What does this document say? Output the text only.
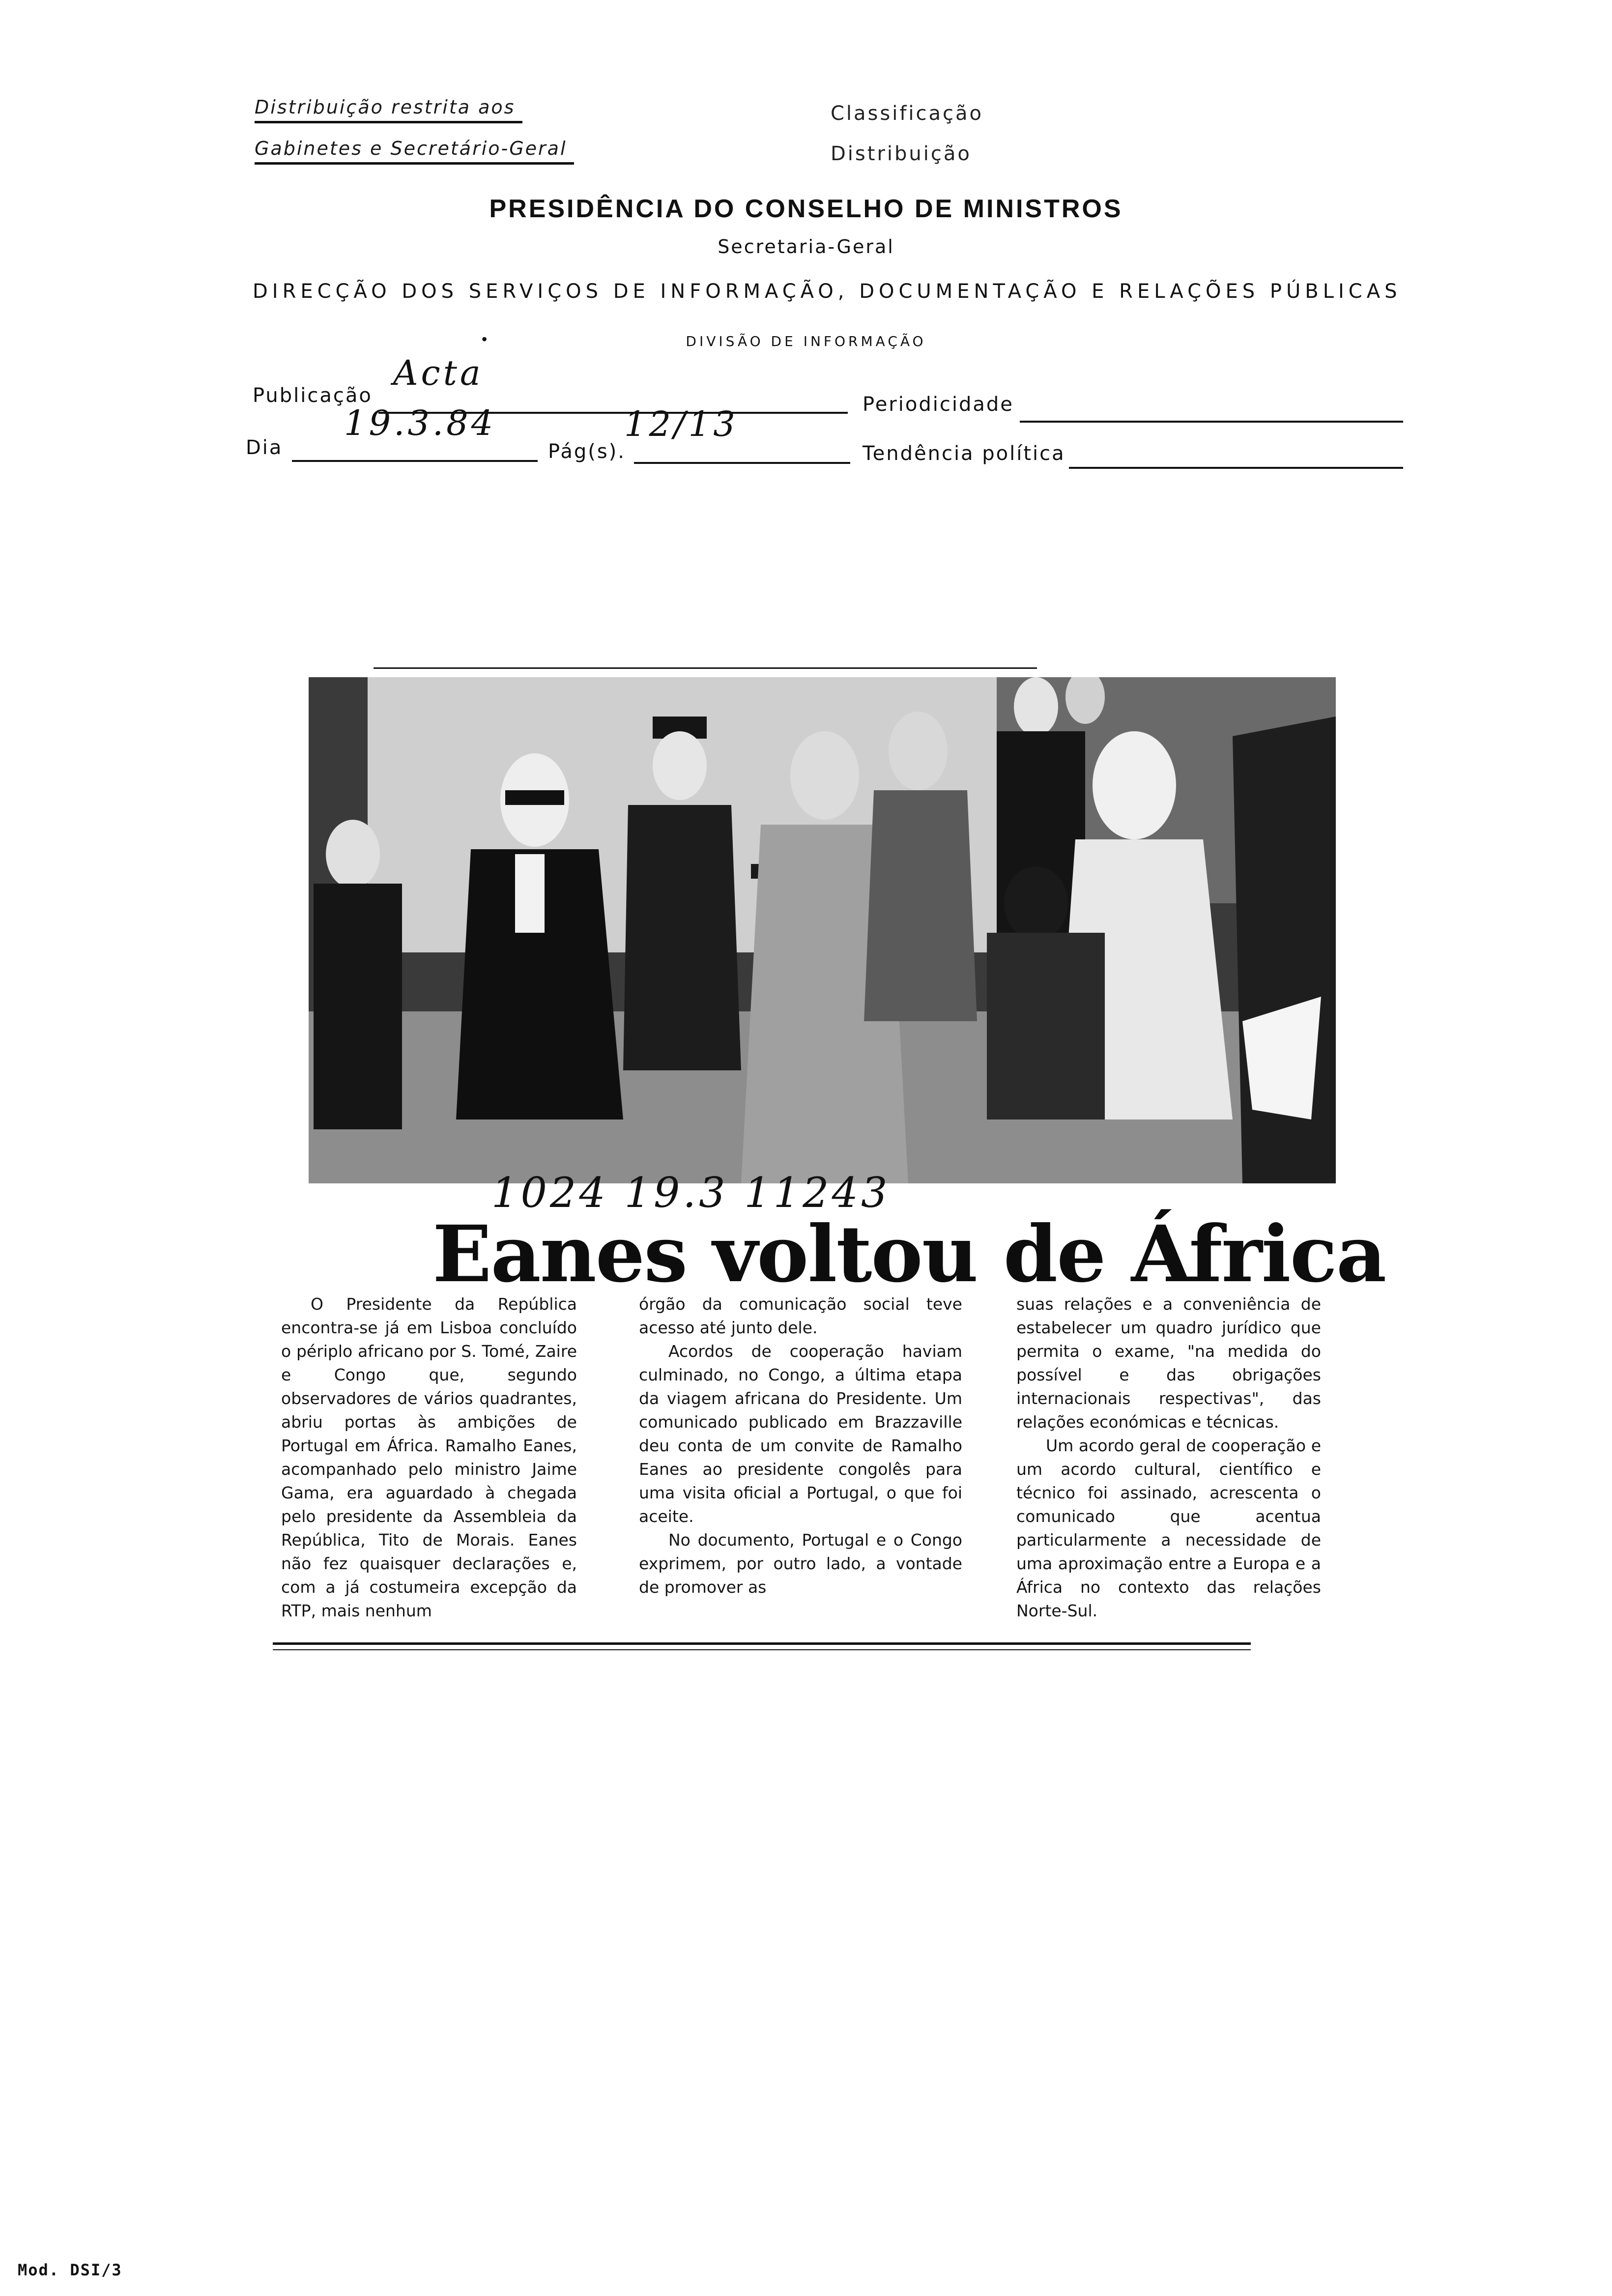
Distribuição restrita aos
Gabinetes e Secretário-Geral
Classificação
Distribuição
PRESIDÊNCIA DO CONSELHO DE MINISTROS
Secretaria-Geral
DIRECÇÃO DOS SERVIÇOS DE INFORMAÇÃO, DOCUMENTAÇÃO E RELAÇÕES PÚBLICAS
•	DIVISÃO DE INFORMAÇÃO
Publicação
Acta
Periodicidade
Dia
19.3.84
Pág(s).
12/13
Tendência política
1024 19.3 11243
Eanes voltou de África

O Presidente da República encontra-se já em Lisboa concluído o périplo africano por S. Tomé, Zaire e Congo que, segundo observadores de vários quadrantes, abriu portas às ambições de Portugal em África. Ramalho Eanes, acompanhado pelo ministro Jaime Gama, era aguardado à chegada pelo presidente da Assembleia da República, Tito de Morais. Eanes não fez quaisquer declarações e, com a já costumeira excepção da RTP, mais nenhum

órgão da comunicação social teve acesso até junto dele.

Acordos de cooperação haviam culminado, no Congo, a última etapa da viagem africana do Presidente. Um comunicado publicado em Brazzaville deu conta de um convite de Ramalho Eanes ao presidente congolês para uma visita oficial a Portugal, o que foi aceite.

No documento, Portugal e o Congo exprimem, por outro lado, a vontade de promover as

suas relações e a conveniência de estabelecer um quadro jurídico que permita o exame, "na medida do possível e das obrigações internacionais respectivas", das relações económicas e técnicas.

Um acordo geral de cooperação e um acordo cultural, científico e técnico foi assinado, acrescenta o comunicado que acentua particularmente a necessidade de uma aproximação entre a Europa e a África no contexto das relações Norte-Sul.

Mod. DSI/3
